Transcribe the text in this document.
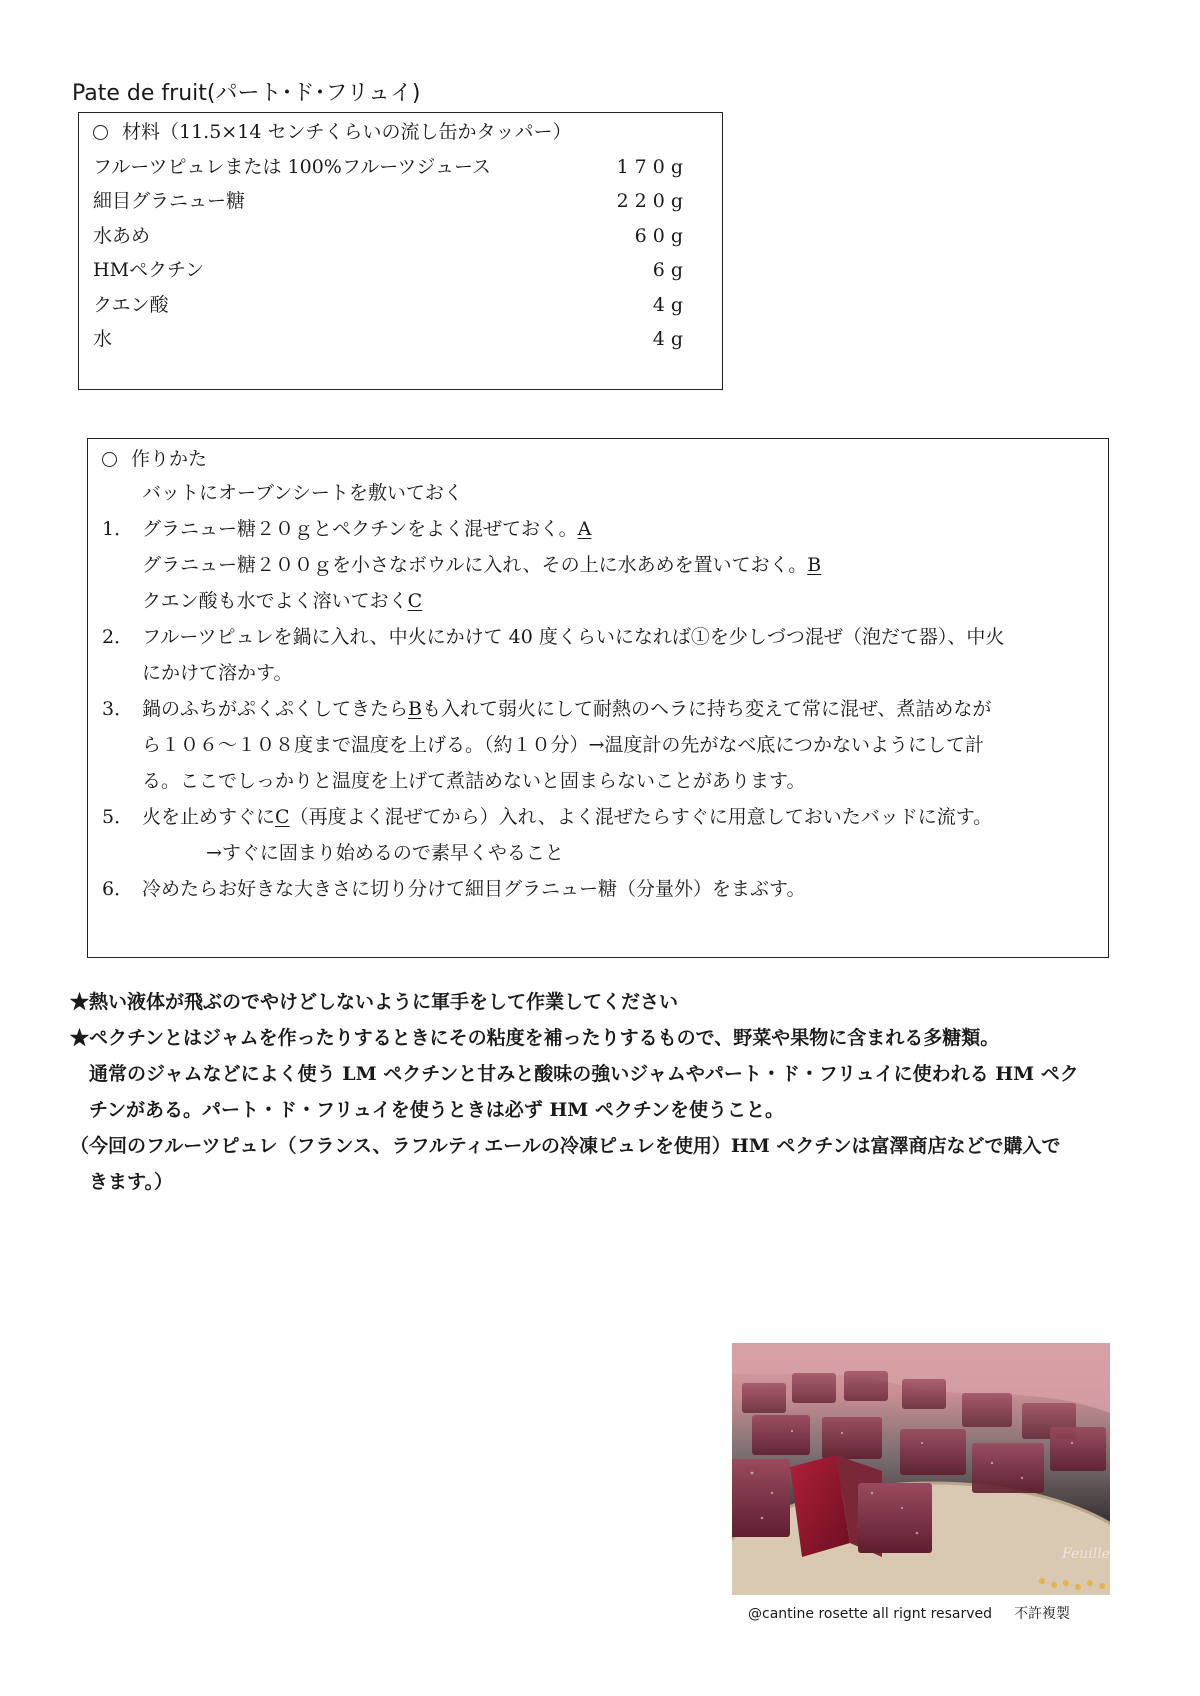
Pate de fruit(パート･ド･フリュイ)
材料（11.5×14 センチくらいの流し缶かタッパー）
フルーツピュレまたは 100%フルーツジュース	170g
細目グラニュー糖	220g
水あめ	60g
HMペクチン	6g
クエン酸	4g
水	4g
作りかた
バットにオーブンシートを敷いておく
1． グラニュー糖２０ｇとペクチンをよく混ぜておく。A
グラニュー糖２００ｇを小さなボウルに入れ、その上に水あめを置いておく。B
クエン酸も水でよく溶いておくC
2． フルーツピュレを鍋に入れ、中火にかけて 40 度くらいになれば①を少しづつ混ぜ（泡だて器）、中火
にかけて溶かす。
3． 鍋のふちがぷくぷくしてきたらBも入れて弱火にして耐熱のヘラに持ち変えて常に混ぜ、煮詰めなが
ら１０６～１０８度まで温度を上げる。（約１０分）→温度計の先がなべ底につかないようにして計
る。ここでしっかりと温度を上げて煮詰めないと固まらないことがあります。
5． 火を止めすぐにC（再度よく混ぜてから）入れ、よく混ぜたらすぐに用意しておいたバッドに流す。
→すぐに固まり始めるので素早くやること
6． 冷めたらお好きな大きさに切り分けて細目グラニュー糖（分量外）をまぶす。
★熱い液体が飛ぶのでやけどしないように軍手をして作業してください
★ペクチンとはジャムを作ったりするときにその粘度を補ったりするもので、野菜や果物に含まれる多糖類。
　通常のジャムなどによく使う LM ペクチンと甘みと酸味の強いジャムやパート・ド・フリュイに使われる HM ペク
　チンがある。パート・ド・フリュイを使うときは必ず HM ペクチンを使うこと。
（今回のフルーツピュレ（フランス、ラフルティエールの冷凍ピュレを使用）HM ペクチンは富澤商店などで購入で
　きます。）
Feuille
@cantine rosette all rignt resarved 不許複製
